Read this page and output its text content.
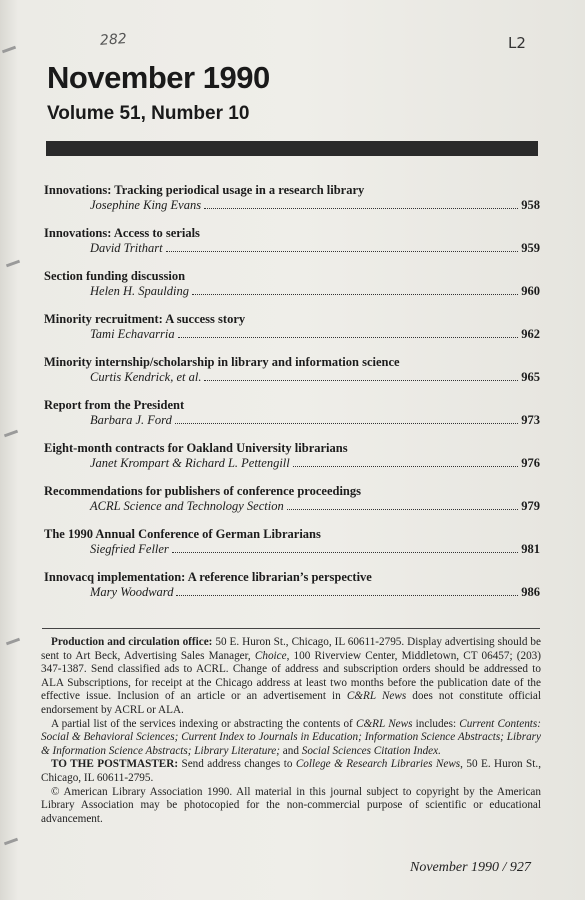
282	L2
November 1990
Volume 51, Number 10
Innovations: Tracking periodical usage in a research library
Josephine King Evans	958
Innovations: Access to serials
David Trithart	959
Section funding discussion
Helen H. Spaulding	960
Minority recruitment: A success story
Tami Echavarria	962
Minority internship/scholarship in library and information science
Curtis Kendrick, et al.	965
Report from the President
Barbara J. Ford	973
Eight-month contracts for Oakland University librarians
Janet Krompart & Richard L. Pettengill	976
Recommendations for publishers of conference proceedings
ACRL Science and Technology Section	979
The 1990 Annual Conference of German Librarians
Siegfried Feller	981
Innovacq implementation: A reference librarian’s perspective
Mary Woodward	986

Production and circulation office: 50 E. Huron St., Chicago, IL 60611-2795. Display advertising should be sent to Art Beck, Advertising Sales Manager, Choice, 100 Riverview Center, Middletown, CT 06457; (203) 347-1387. Send classified ads to ACRL. Change of address and subscription orders should be addressed to ALA Subscriptions, for receipt at the Chicago address at least two months before the publication date of the effective issue. Inclusion of an article or an advertisement in C&RL News does not constitute official endorsement by ACRL or ALA.

A partial list of the services indexing or abstracting the contents of C&RL News includes: Current Contents: Social & Behavioral Sciences; Current Index to Journals in Education; Information Science Abstracts; Library & Information Science Abstracts; Library Literature; and Social Sciences Citation Index.

TO THE POSTMASTER: Send address changes to College & Research Libraries News, 50 E. Huron St., Chicago, IL 60611-2795.

© American Library Association 1990. All material in this journal subject to copyright by the American Library Association may be photocopied for the non-commercial purpose of scientific or educational advancement.

November 1990 / 927
